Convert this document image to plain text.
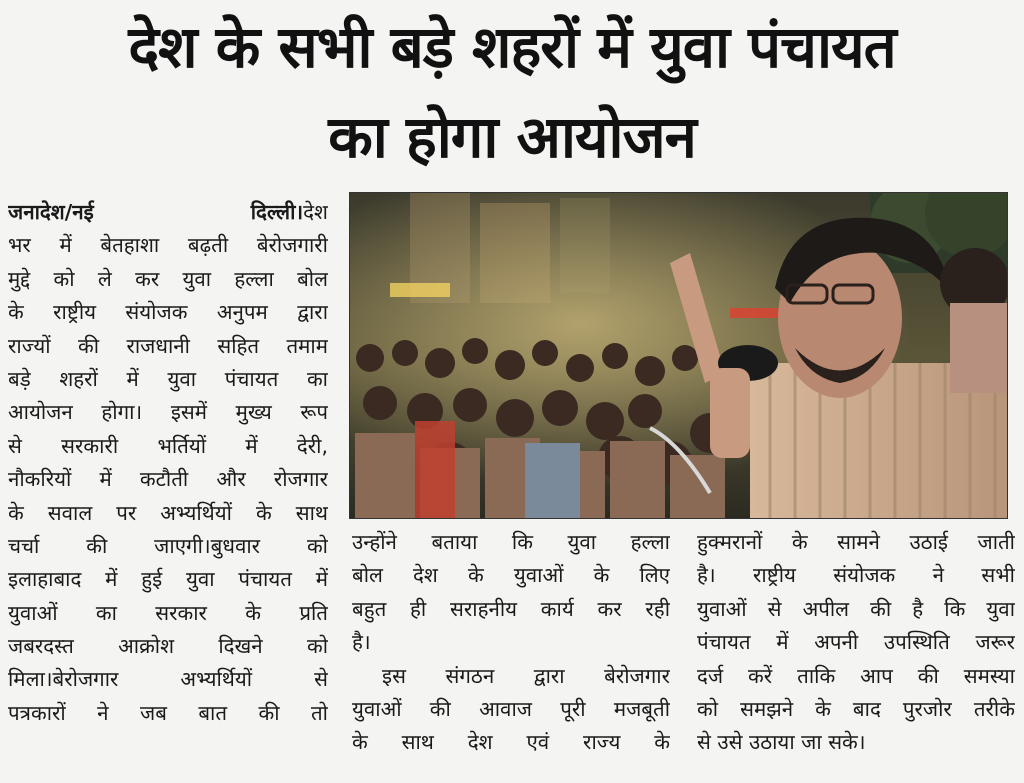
देश के सभी बड़े शहरों में युवा पंचायत
का होगा आयोजन
जनादेश/नई दिल्ली। देश
भर में बेतहाशा बढ़ती बेरोजगारी
मुद्दे को ले कर युवा हल्ला बोल
के राष्ट्रीय संयोजक अनुपम द्वारा
राज्यों की राजधानी सहित तमाम
बड़े शहरों में युवा पंचायत का
आयोजन होगा। इसमें मुख्य रूप
से सरकारी भर्तियों में देरी,
नौकरियों में कटौती और रोजगार
के सवाल पर अभ्यर्थियों के साथ
चर्चा की जाएगी।बुधवार को
इलाहाबाद में हुई युवा पंचायत में
युवाओं का सरकार के प्रति
जबरदस्त आक्रोश दिखने को
मिला।बेरोजगार अभ्यर्थियों से
पत्रकारों ने जब बात की तो
उन्होंने बताया कि युवा हल्ला
बोल देश के युवाओं के लिए
बहुत ही सराहनीय कार्य कर रही
है।
इस संगठन द्वारा बेरोजगार
युवाओं की आवाज पूरी मजबूती
के साथ देश एवं राज्य के
हुक्मरानों के सामने उठाई जाती
है। राष्ट्रीय संयोजक ने सभी
युवाओं से अपील की है कि युवा
पंचायत में अपनी उपस्थिति जरूर
दर्ज करें ताकि आप की समस्या
को समझने के बाद पुरजोर तरीके
से उसे उठाया जा सके।
